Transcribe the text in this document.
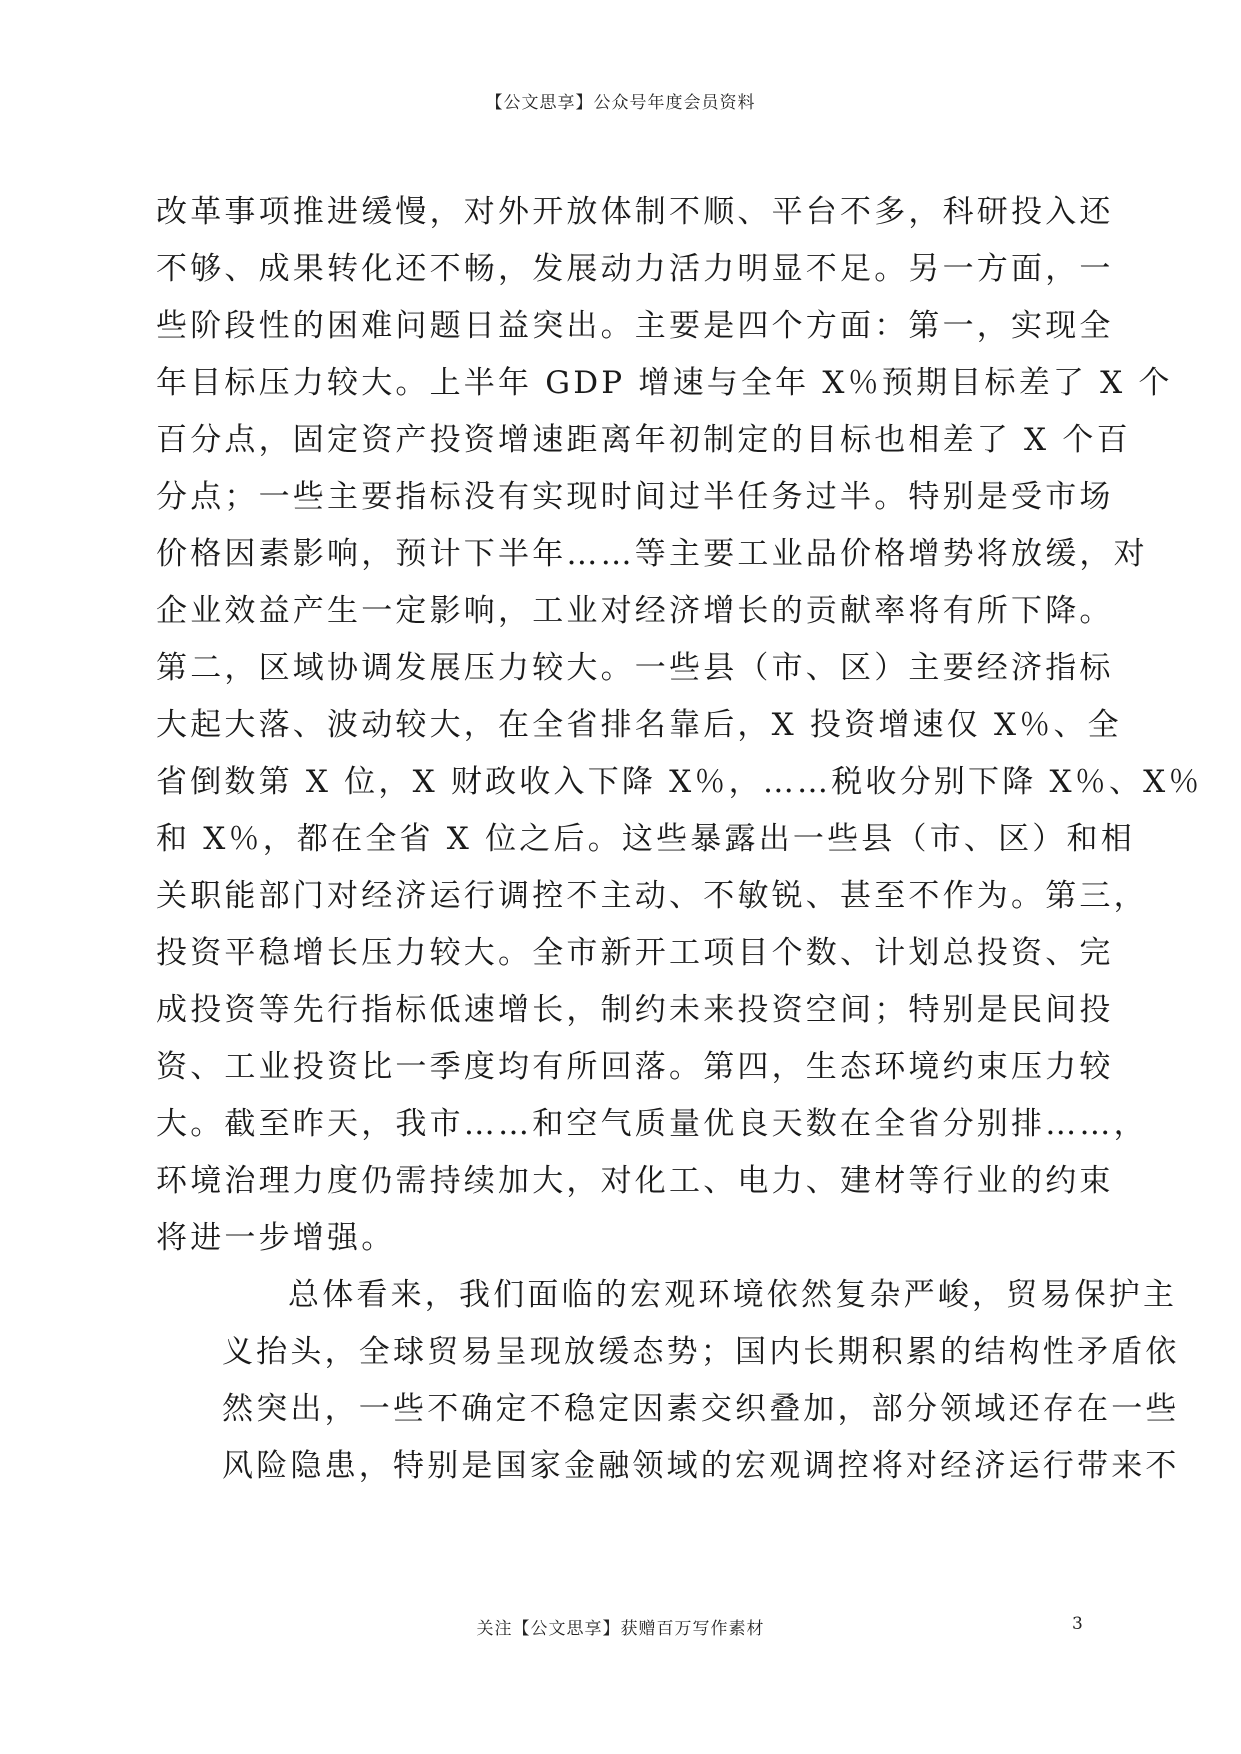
【公文思享】公众号年度会员资料

改革事项推进缓慢，对外开放体制不顺、平台不多，科研投入还
不够、成果转化还不畅，发展动力活力明显不足。另一方面，一
些阶段性的困难问题日益突出。主要是四个方面：第一，实现全
年目标压力较大。上半年 GDP 增速与全年 X％预期目标差了 X 个
百分点，固定资产投资增速距离年初制定的目标也相差了 X 个百
分点；一些主要指标没有实现时间过半任务过半。特别是受市场
价格因素影响，预计下半年……等主要工业品价格增势将放缓，对
企业效益产生一定影响，工业对经济增长的贡献率将有所下降。
第二，区域协调发展压力较大。一些县（市、区）主要经济指标
大起大落、波动较大，在全省排名靠后，X 投资增速仅 X％、全
省倒数第 X 位，X 财政收入下降 X％，……税收分别下降 X％、X％
和 X％，都在全省 X 位之后。这些暴露出一些县（市、区）和相
关职能部门对经济运行调控不主动、不敏锐、甚至不作为。第三，
投资平稳增长压力较大。全市新开工项目个数、计划总投资、完
成投资等先行指标低速增长，制约未来投资空间；特别是民间投
资、工业投资比一季度均有所回落。第四，生态环境约束压力较
大。截至昨天，我市……和空气质量优良天数在全省分别排……，
环境治理力度仍需持续加大，对化工、电力、建材等行业的约束
将进一步增强。

总体看来，我们面临的宏观环境依然复杂严峻，贸易保护主
义抬头，全球贸易呈现放缓态势；国内长期积累的结构性矛盾依
然突出，一些不确定不稳定因素交织叠加，部分领域还存在一些
风险隐患，特别是国家金融领域的宏观调控将对经济运行带来不

关注【公文思享】获赠百万写作素材	3
